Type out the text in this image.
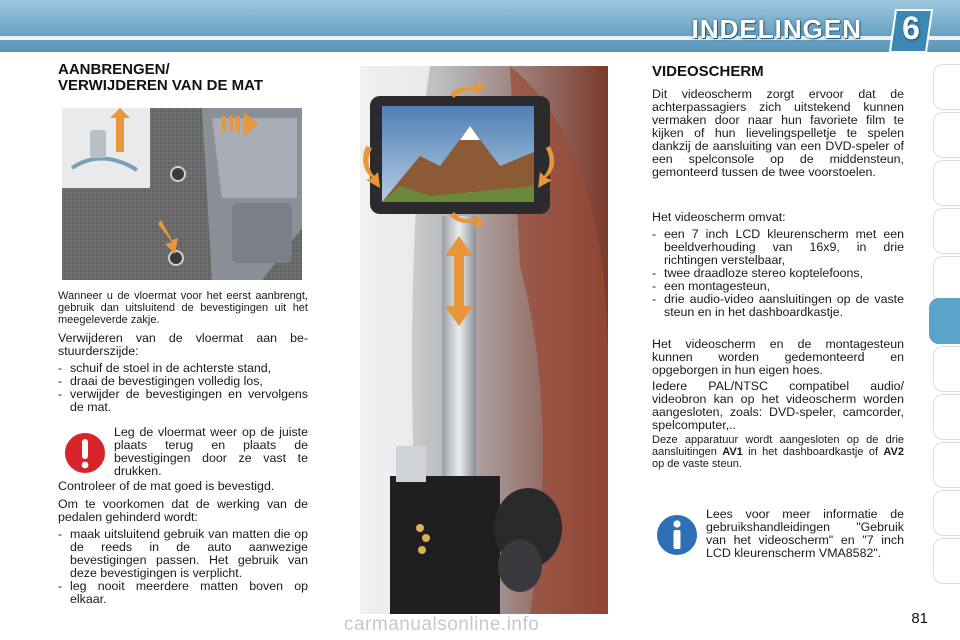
INDELINGEN	6
AANBRENGEN/
VERWIJDEREN VAN DE MAT

Wanneer u de vloermat voor het eerst aanbrengt, gebruik dan uitsluitend de bevestigingen uit het meegeleverde zakje.

Verwijderen van de vloermat aan bestuurderszijde:

- schuif de stoel in de achterste stand,
- draai de bevestigingen volledig los,
- verwijder de bevestigingen en vervolgens de mat.

Leg de vloermat weer op de juiste plaats terug en plaats de bevestigingen door ze vast te drukken.

Controleer of de mat goed is bevestigd.

Om te voorkomen dat de werking van de pedalen gehinderd wordt:

- maak uitsluitend gebruik van matten die op de reeds in de auto aanwezige bevestigingen passen. Het gebruik van deze bevestigingen is verplicht.
- leg nooit meerdere matten boven op elkaar.
VIDEOSCHERM

Dit videoscherm zorgt ervoor dat de achterpassagiers zich uitstekend kunnen vermaken door naar hun favoriete film te kijken of hun lievelingspelletje te spelen dankzij de aansluiting van een DVD-speler of een spelconsole op de middensteun, gemonteerd tussen de twee voorstoelen.

Het videoscherm omvat:

- een 7 inch LCD kleurenscherm met een beeldverhouding van 16x9, in drie richtingen verstelbaar,
- twee draadloze stereo koptelefoons,
- een montagesteun,
- drie audio-video aansluitingen op de vaste steun en in het dashboardkastje.

Het videoscherm en de montagesteun kunnen worden gedemonteerd en opgeborgen in hun eigen hoes.

Iedere PAL/NTSC compatibel audio/ videobron kan op het videoscherm worden aangesloten, zoals: DVD-speler, camcorder, spelcomputer,..

Deze apparatuur wordt aangesloten op de drie aansluitingen AV1 in het dashboardkastje of AV2 op de vaste steun.

Lees voor meer informatie de gebruikshandleidingen "Gebruik van het videoscherm" en "7 inch LCD kleurenscherm VMA8582".

carmanualsonline.info	81
